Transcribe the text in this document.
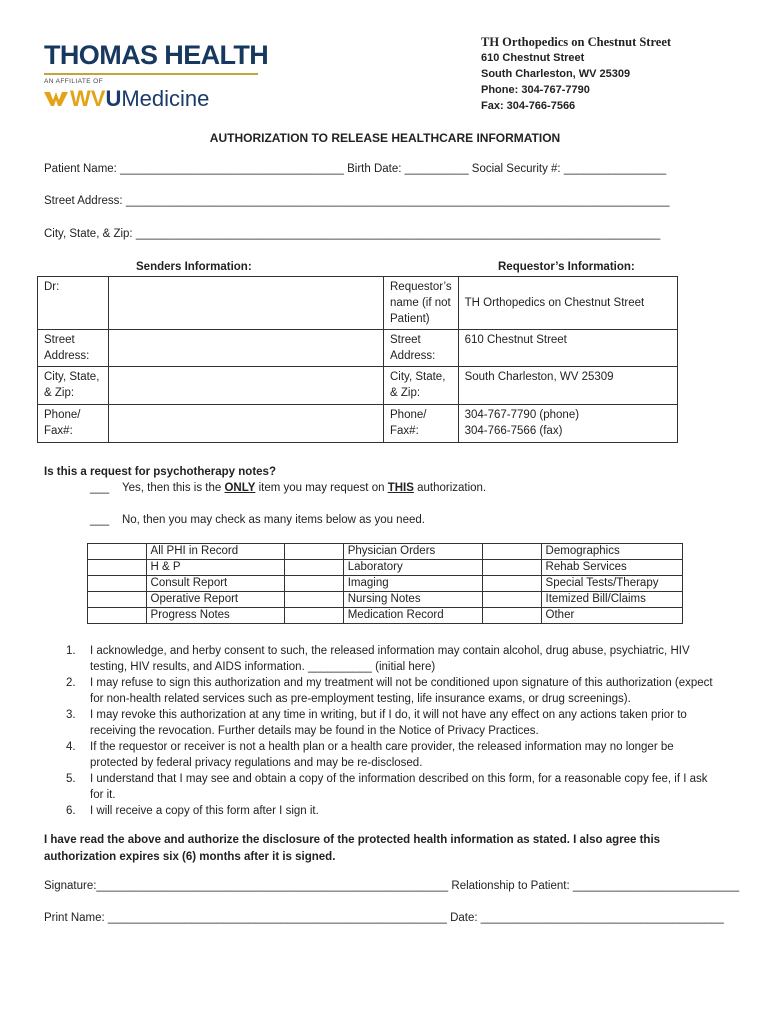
THOMAS HEALTH
AN AFFILIATE OF
WVUMedicine
TH Orthopedics on Chestnut Street
610 Chestnut Street
South Charleston, WV 25309
Phone: 304-767-7790
Fax: 304-766-7566
AUTHORIZATION TO RELEASE HEALTHCARE INFORMATION
Patient Name: ___________________________________ Birth Date: __________ Social Security #: ________________
Street Address: _____________________________________________________________________________________
City, State, & Zip: __________________________________________________________________________________
Senders Information:	Requestor’s Information:
Dr:		Requestor’s name (if not Patient)	TH Orthopedics on Chestnut Street
Street Address:		Street Address:	610 Chestnut Street
City, State, & Zip:		City, State, & Zip:	South Charleston, WV 25309
Phone/ Fax#:		Phone/ Fax#:	304-767-7790 (phone)
304-766-7566 (fax)
Is this a request for psychotherapy notes?
___ Yes, then this is the ONLY item you may request on THIS authorization.
___ No, then you may check as many items below as you need.
	All PHI in Record		Physician Orders		Demographics
	H & P		Laboratory		Rehab Services
	Consult Report		Imaging		Special Tests/Therapy
	Operative Report		Nursing Notes		Itemized Bill/Claims
	Progress Notes		Medication Record		Other
1. I acknowledge, and herby consent to such, the released information may contain alcohol, drug abuse, psychiatric, HIV testing, HIV results, and AIDS information. __________ (initial here)
2. I may refuse to sign this authorization and my treatment will not be conditioned upon signature of this authorization (expect for non-health related services such as pre-employment testing, life insurance exams, or drug screenings).
3. I may revoke this authorization at any time in writing, but if I do, it will not have any effect on any actions taken prior to receiving the revocation. Further details may be found in the Notice of Privacy Practices.
4. If the requestor or receiver is not a health plan or a health care provider, the released information may no longer be protected by federal privacy regulations and may be re-disclosed.
5. I understand that I may see and obtain a copy of the information described on this form, for a reasonable copy fee, if I ask for it.
6. I will receive a copy of this form after I sign it.
I have read the above and authorize the disclosure of the protected health information as stated. I also agree this authorization expires six (6) months after it is signed.
Signature:_______________________________________________________ Relationship to Patient: __________________________
Print Name: _____________________________________________________ Date: ______________________________________
